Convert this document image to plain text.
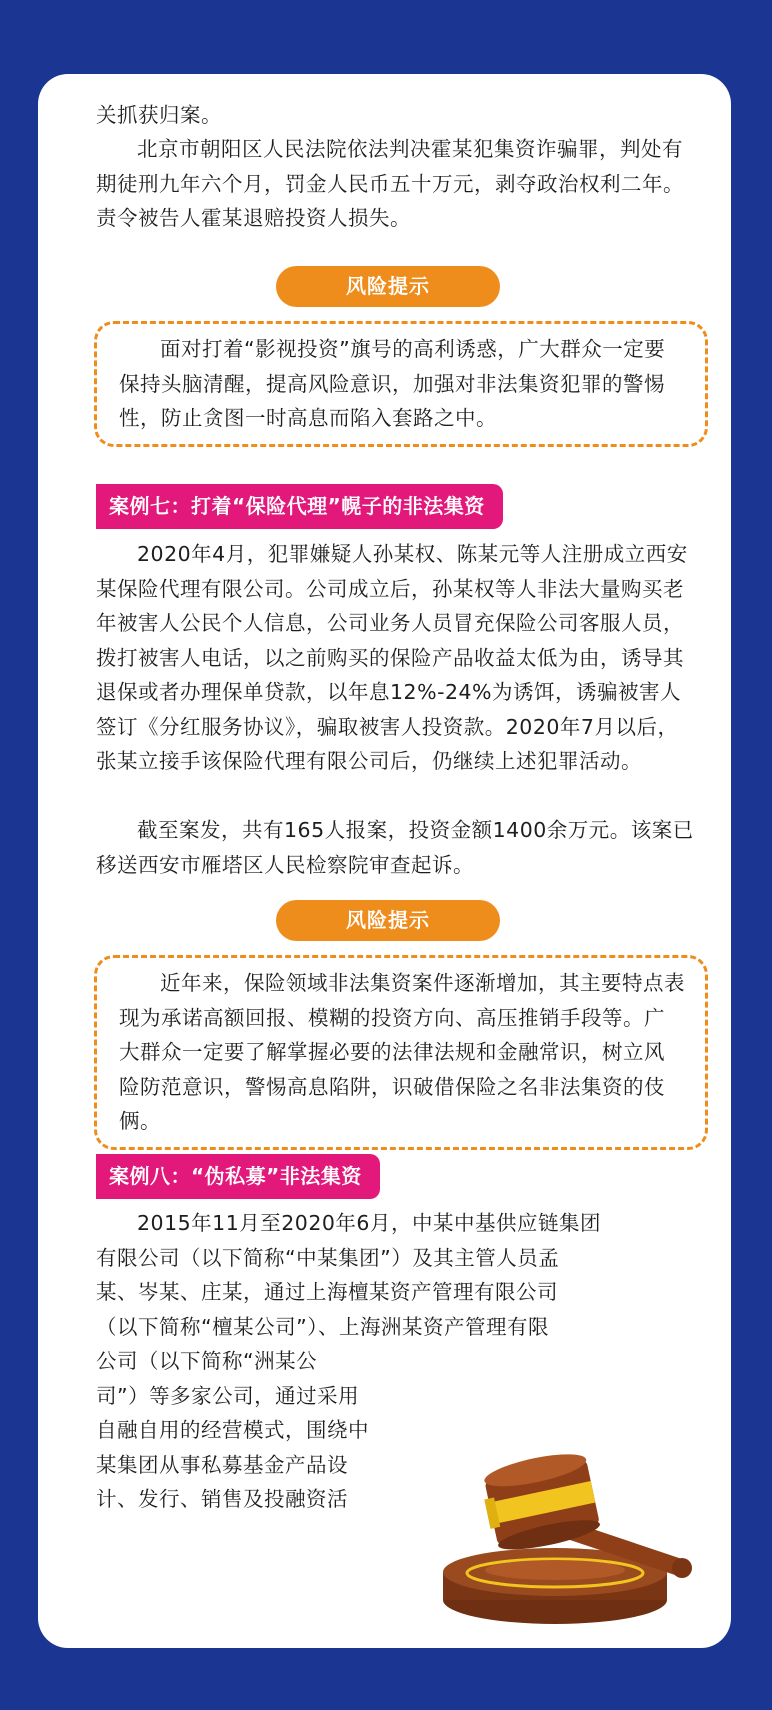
关抓获归案。

北京市朝阳区人民法院依法判决霍某犯集资诈骗罪，判处有期徒刑九年六个月，罚金人民币五十万元，剥夺政治权利二年。责令被告人霍某退赔投资人损失。

风险提示

面对打着“影视投资”旗号的高利诱惑，广大群众一定要保持头脑清醒，提高风险意识，加强对非法集资犯罪的警惕性，防止贪图一时高息而陷入套路之中。

案例七：打着“保险代理”幌子的非法集资

2020年4月，犯罪嫌疑人孙某权、陈某元等人注册成立西安某保险代理有限公司。公司成立后，孙某权等人非法大量购买老年被害人公民个人信息，公司业务人员冒充保险公司客服人员，拨打被害人电话，以之前购买的保险产品收益太低为由，诱导其退保或者办理保单贷款，以年息12%-24%为诱饵，诱骗被害人签订《分红服务协议》，骗取被害人投资款。2020年7月以后，张某立接手该保险代理有限公司后，仍继续上述犯罪活动。

截至案发，共有165人报案，投资金额1400余万元。该案已移送西安市雁塔区人民检察院审查起诉。

风险提示

近年来，保险领域非法集资案件逐渐增加，其主要特点表现为承诺高额回报、模糊的投资方向、高压推销手段等。广大群众一定要了解掌握必要的法律法规和金融常识，树立风险防范意识，警惕高息陷阱，识破借保险之名非法集资的伎俩。

案例八：“伪私募”非法集资
2015年11月至2020年6月，中某中基供应链集团
有限公司（以下简称“中某集团”）及其主管人员孟
某、岑某、庄某，通过上海檀某资产管理有限公司
（以下简称“檀某公司”）、上海洲某资产管理有限
公司（以下简称“洲某公
司”）等多家公司，通过采用
自融自用的经营模式，围绕中
某集团从事私募基金产品设
计、发行、销售及投融资活
